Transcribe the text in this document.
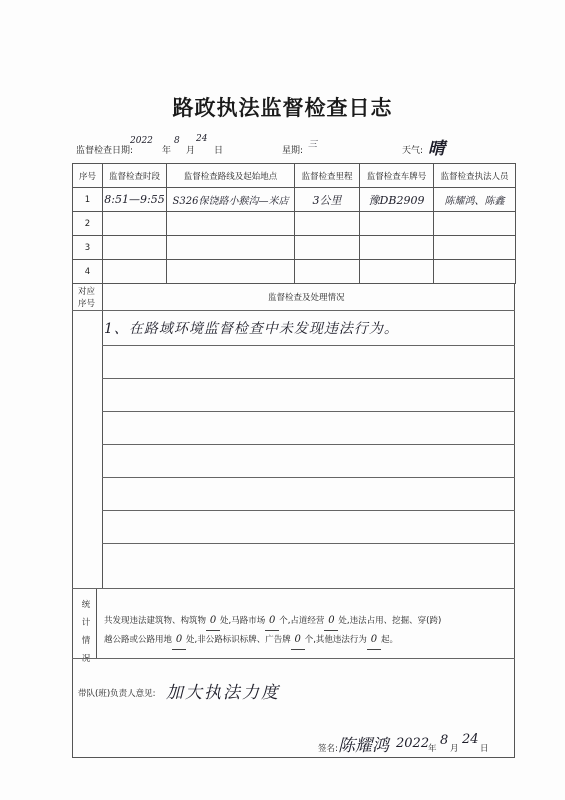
路政执法监督检查日志
监督检查日期:
2022
年
8
月
24
日	星期:
三
天气: 晴
序号	监督检查时段	监督检查路线及起始地点	监督检查里程	监督检查车牌号	监督检查执法人员
1	8:51—9:55	S326保饶路小猴沟—米店	3公里	豫DB2909	陈耀鸿、陈鑫
2					
3					
4					
对应
序号
监督检查及处理情况
1、在路域环境监督检查中未发现违法行为。
统
计
情
况
共发现违法建筑物、构筑物 0 处,马路市场 0 个,占道经营 0 处,违法占用、挖掘、穿(跨)
越公路或公路用地 0 处,非公路标识标牌、广告牌 0 个,其他违法行为 0 起。
带队(班)负责人意见: 加大执法力度
签名: 陈耀鸿 2022
年
8
月
24
日
